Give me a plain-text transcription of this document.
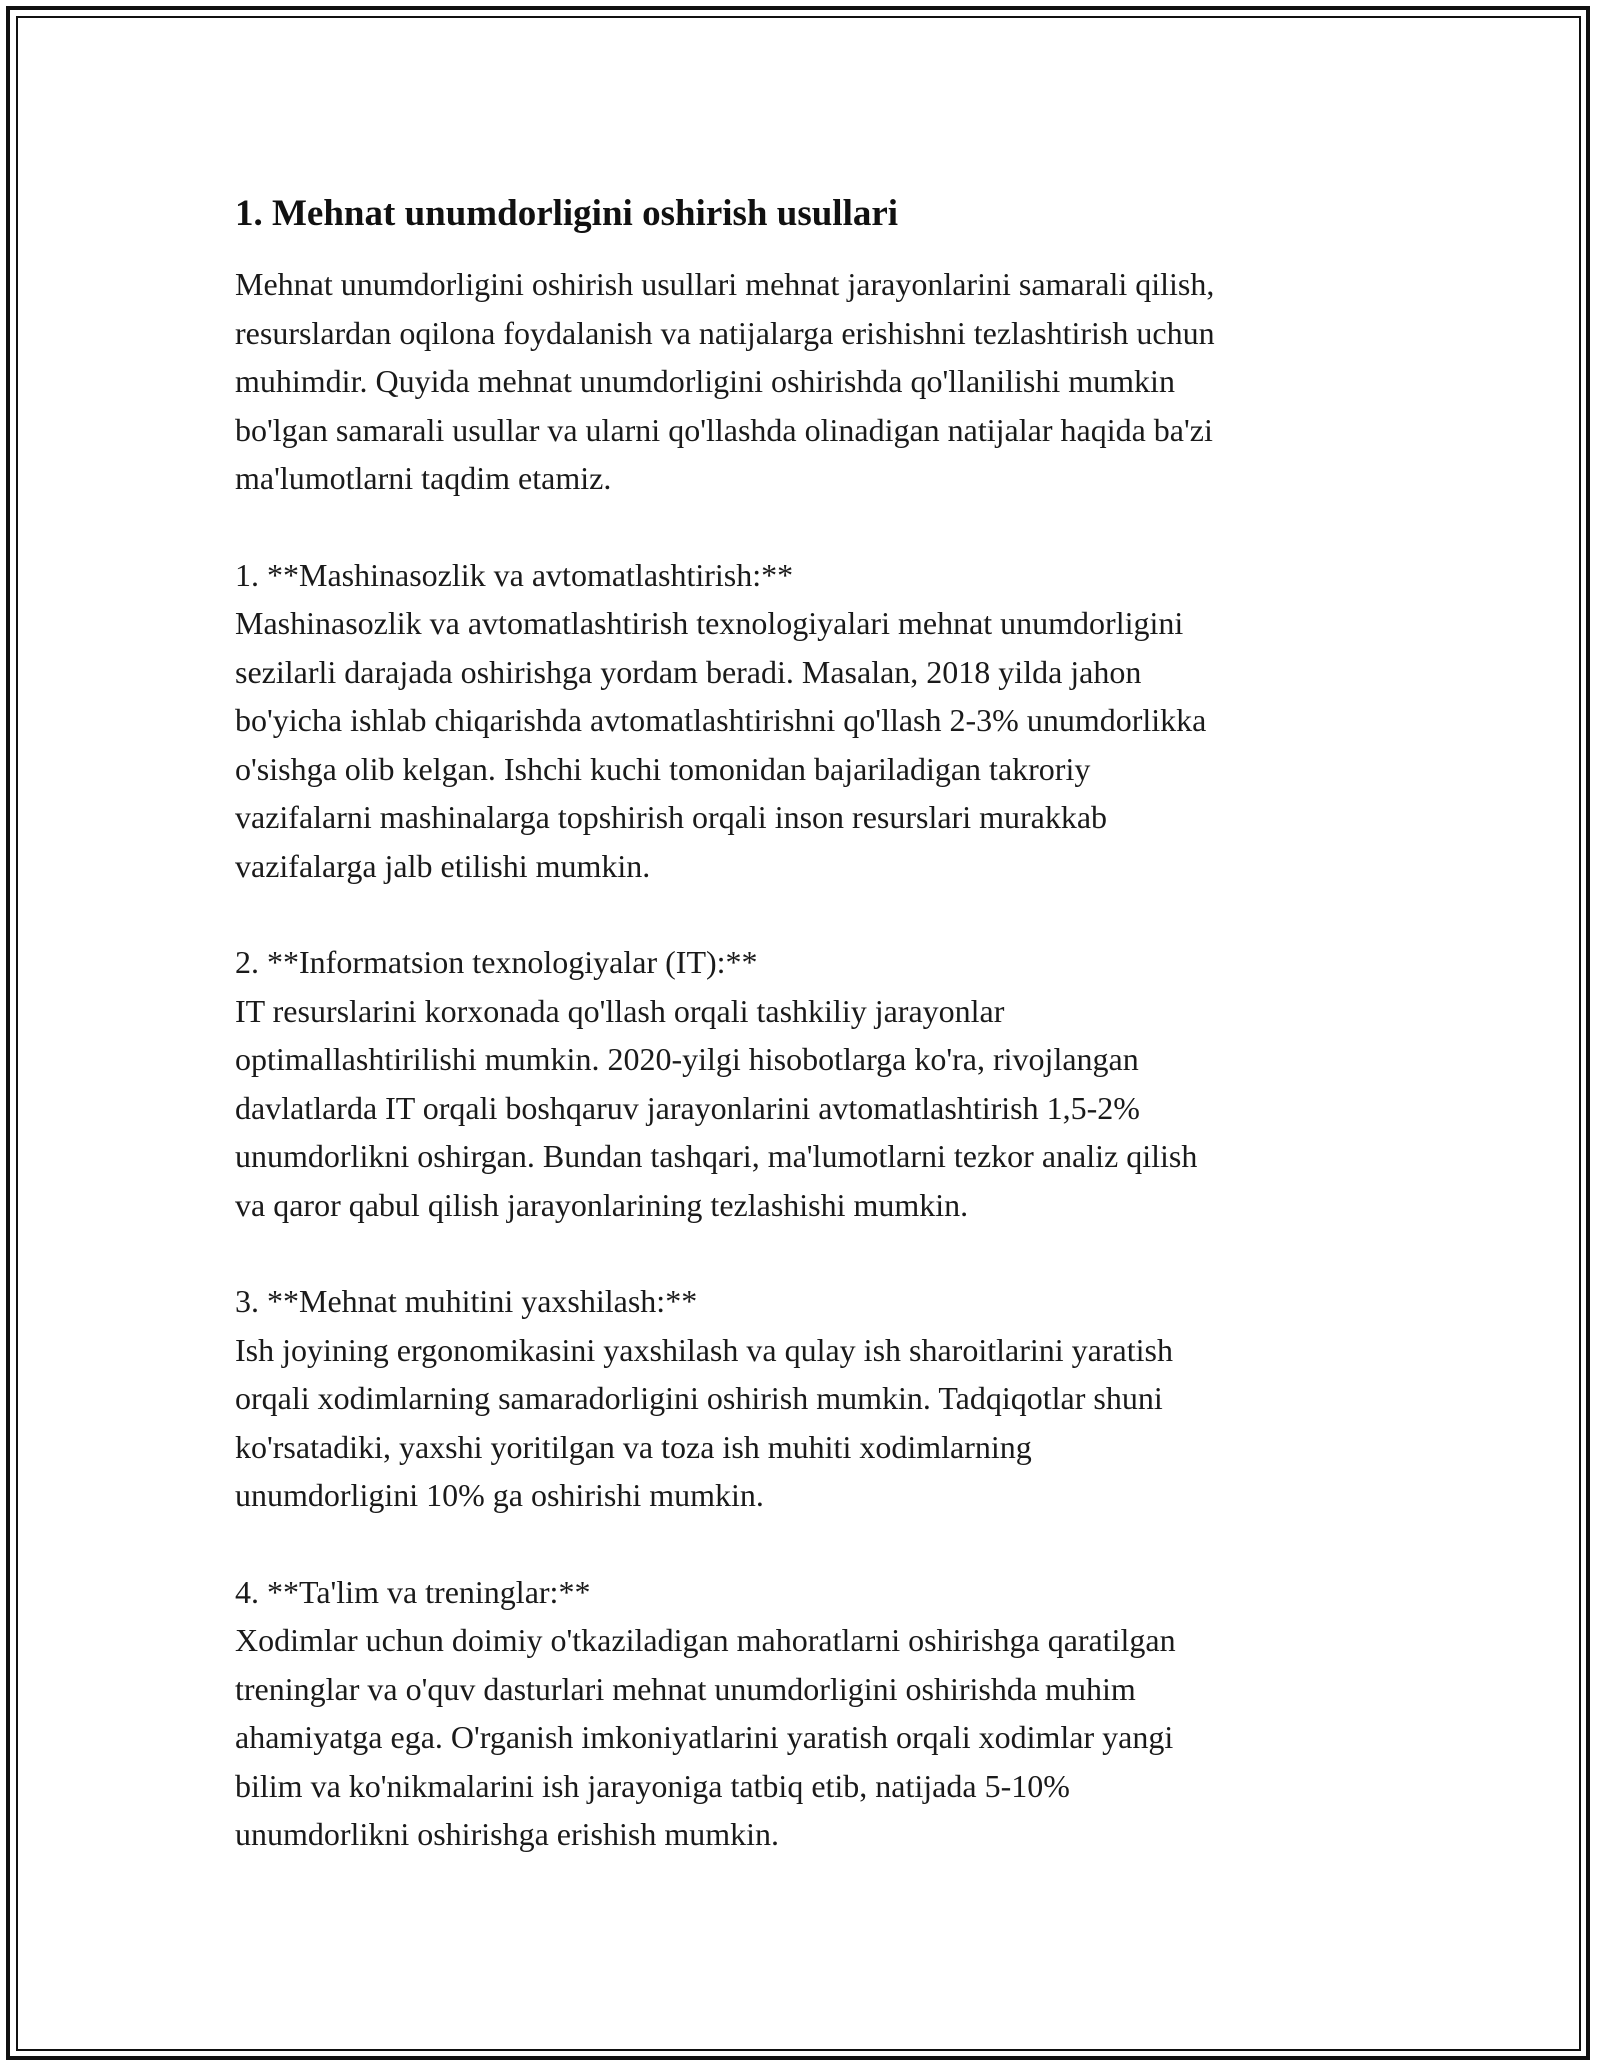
1. Mehnat unumdorligini oshirish usullari

Mehnat unumdorligini oshirish usullari mehnat jarayonlarini samarali qilish,
resurslardan oqilona foydalanish va natijalarga erishishni tezlashtirish uchun
muhimdir. Quyida mehnat unumdorligini oshirishda qo'llanilishi mumkin
bo'lgan samarali usullar va ularni qo'llashda olinadigan natijalar haqida ba'zi
ma'lumotlarni taqdim etamiz.

1. **Mashinasozlik va avtomatlashtirish:**

Mashinasozlik va avtomatlashtirish texnologiyalari mehnat unumdorligini
sezilarli darajada oshirishga yordam beradi. Masalan, 2018 yilda jahon
bo'yicha ishlab chiqarishda avtomatlashtirishni qo'llash 2-3% unumdorlikka
o'sishga olib kelgan. Ishchi kuchi tomonidan bajariladigan takroriy
vazifalarni mashinalarga topshirish orqali inson resurslari murakkab
vazifalarga jalb etilishi mumkin.

2. **Informatsion texnologiyalar (IT):**

IT resurslarini korxonada qo'llash orqali tashkiliy jarayonlar
optimallashtirilishi mumkin. 2020-yilgi hisobotlarga ko'ra, rivojlangan
davlatlarda IT orqali boshqaruv jarayonlarini avtomatlashtirish 1,5-2%
unumdorlikni oshirgan. Bundan tashqari, ma'lumotlarni tezkor analiz qilish
va qaror qabul qilish jarayonlarining tezlashishi mumkin.

3. **Mehnat muhitini yaxshilash:**

Ish joyining ergonomikasini yaxshilash va qulay ish sharoitlarini yaratish
orqali xodimlarning samaradorligini oshirish mumkin. Tadqiqotlar shuni
ko'rsatadiki, yaxshi yoritilgan va toza ish muhiti xodimlarning
unumdorligini 10% ga oshirishi mumkin.

4. **Ta'lim va treninglar:**

Xodimlar uchun doimiy o'tkaziladigan mahoratlarni oshirishga qaratilgan
treninglar va o'quv dasturlari mehnat unumdorligini oshirishda muhim
ahamiyatga ega. O'rganish imkoniyatlarini yaratish orqali xodimlar yangi
bilim va ko'nikmalarini ish jarayoniga tatbiq etib, natijada 5-10%
unumdorlikni oshirishga erishish mumkin.
